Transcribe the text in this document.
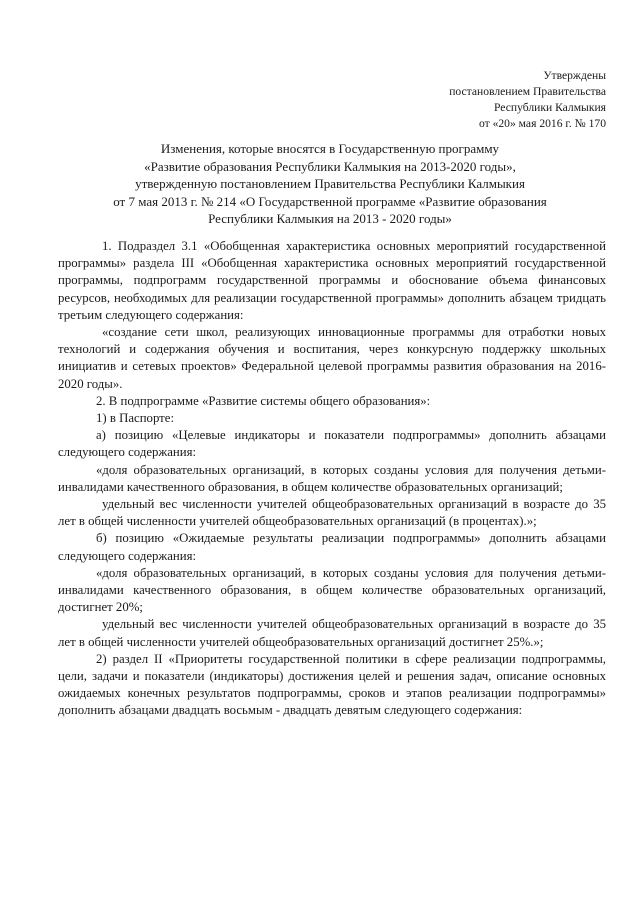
Утверждены
постановлением Правительства
Республики Калмыкия
от «20» мая 2016 г. № 170
Изменения, которые вносятся в Государственную программу
«Развитие образования Республики Калмыкия на 2013-2020 годы»,
утвержденную постановлением Правительства Республики Калмыкия
от 7 мая 2013 г. № 214 «О Государственной программе «Развитие образования
Республики Калмыкия на 2013 - 2020 годы»

1. Подраздел 3.1 «Обобщенная характеристика основных мероприятий государственной программы» раздела III «Обобщенная характеристика основных мероприятий государственной программы, подпрограмм государственной программы и обоснование объема финансовых ресурсов, необходимых для реализации государственной программы» дополнить абзацем тридцать третьим следующего содержания:

«создание сети школ, реализующих инновационные программы для отработки новых технологий и содержания обучения и воспитания, через конкурсную поддержку школьных инициатив и сетевых проектов» Федеральной целевой программы развития образования на 2016-2020 годы».

2. В подпрограмме «Развитие системы общего образования»:

1) в Паспорте:

а) позицию «Целевые индикаторы и показатели подпрограммы» дополнить абзацами следующего содержания:

«доля образовательных организаций, в которых созданы условия для получения детьми-инвалидами качественного образования, в общем количестве образовательных организаций;

удельный вес численности учителей общеобразовательных организаций в возрасте до 35 лет в общей численности учителей общеобразовательных организаций (в процентах).»;

б) позицию «Ожидаемые результаты реализации подпрограммы» дополнить абзацами следующего содержания:

«доля образовательных организаций, в которых созданы условия для получения детьми-инвалидами качественного образования, в общем количестве образовательных организаций, достигнет 20%;

удельный вес численности учителей общеобразовательных организаций в возрасте до 35 лет в общей численности учителей общеобразовательных организаций достигнет 25%.»;

2) раздел II «Приоритеты государственной политики в сфере реализации подпрограммы, цели, задачи и показатели (индикаторы) достижения целей и решения задач, описание основных ожидаемых конечных результатов подпрограммы, сроков и этапов реализации подпрограммы» дополнить абзацами двадцать восьмым - двадцать девятым следующего содержания:
